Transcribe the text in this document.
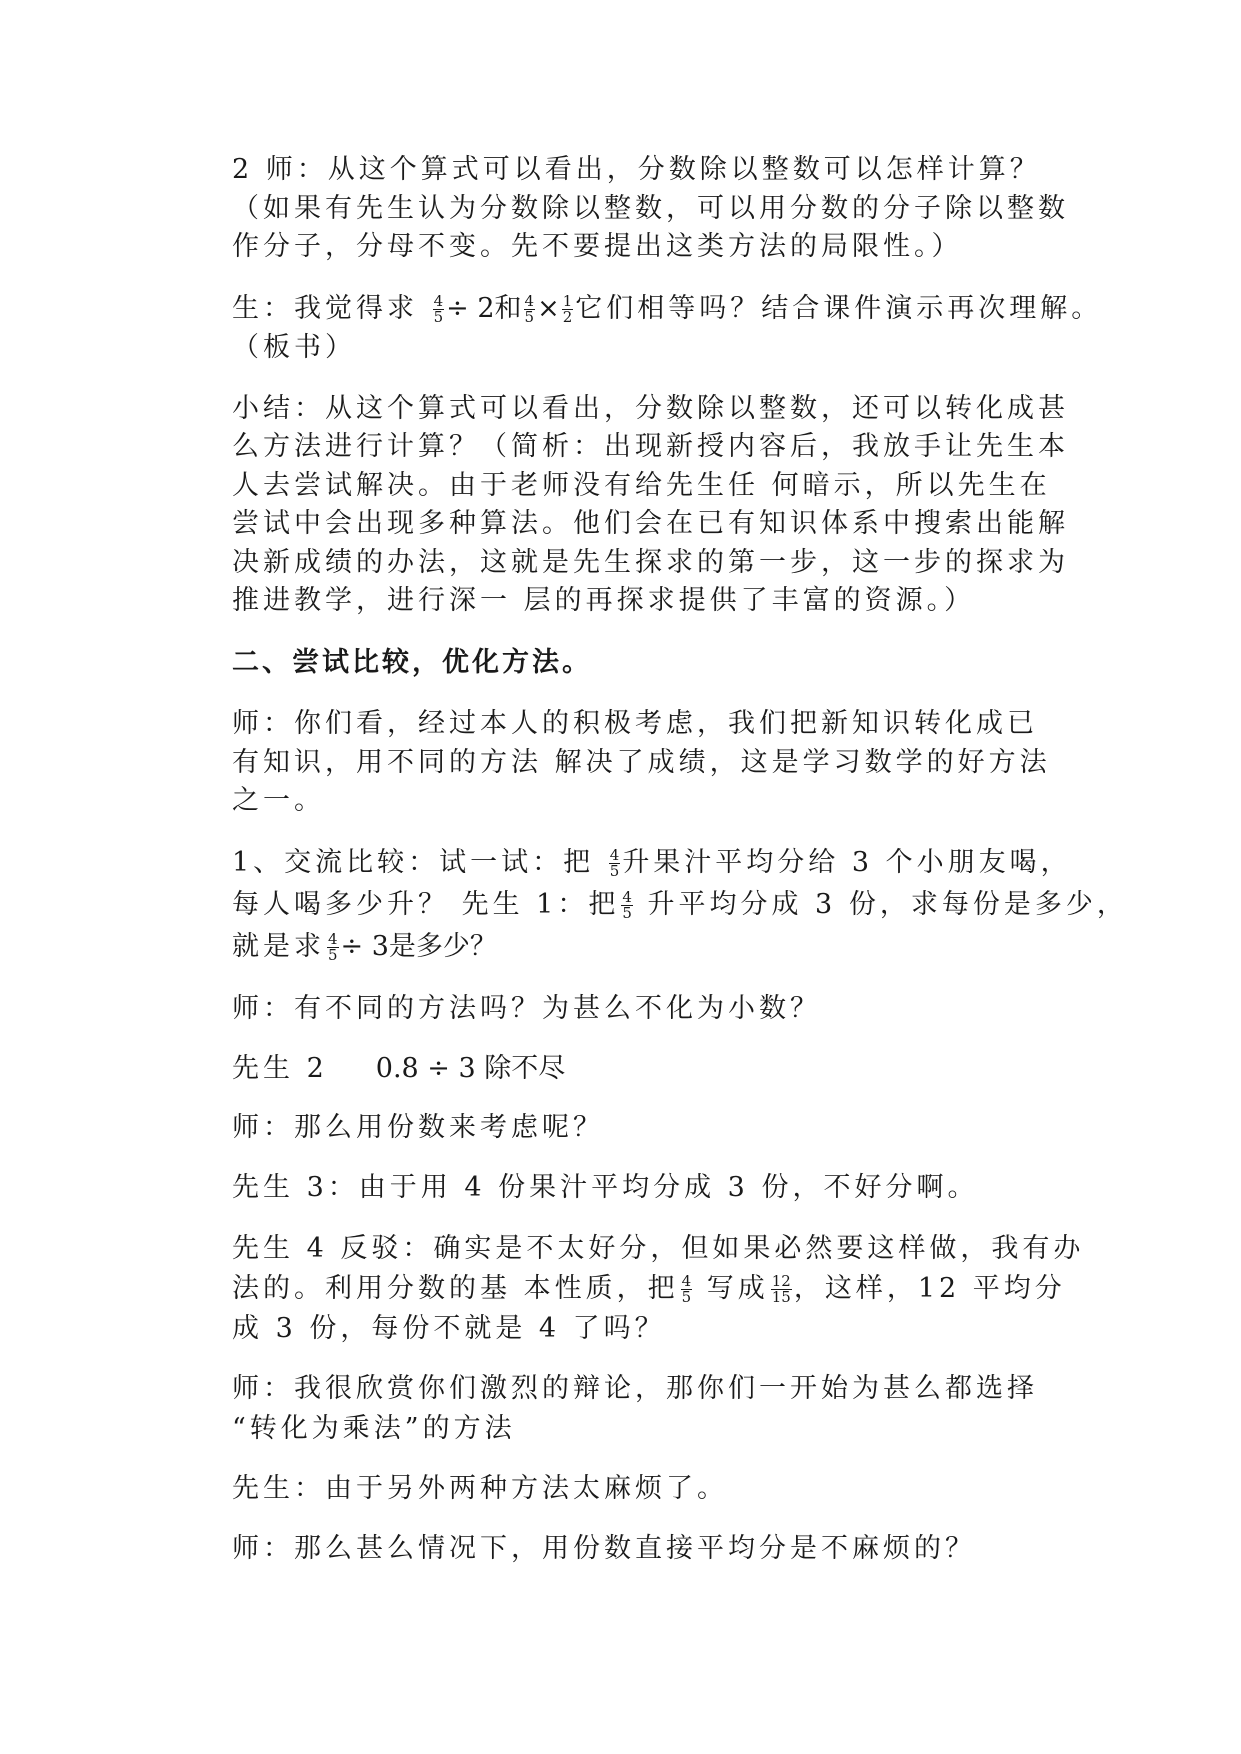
2 师：从这个算式可以看出，分数除以整数可以怎样计算？
（如果有先生认为分数除以整数，可以用分数的分子除以整数
作分子，分母不变。先不要提出这类方法的局限性。）
生：我觉得求 $\frac{4}{5} \div 2$和 $\frac{4}{5} \times \frac{1}{2}$ 它们相等吗？结合课件演示再次理解。
（板书）
小结：从这个算式可以看出，分数除以整数，还可以转化成甚
么方法进行计算？（简析：出现新授内容后，我放手让先生本
人去尝试解决。由于老师没有给先生任 何暗示，所以先生在
尝试中会出现多种算法。他们会在已有知识体系中搜索出能解
决新成绩的办法，这就是先生探求的第一步，这一步的探求为
推进教学，进行深一 层的再探求提供了丰富的资源。）
二、尝试比较，优化方法。
师：你们看，经过本人的积极考虑，我们把新知识转化成已
有知识，用不同的方法 解决了成绩，这是学习数学的好方法
之一。
1、交流比较：试一试：把 $\frac{4}{5}$ 升果汁平均分给 3 个小朋友喝，
每人喝多少升？ 先生 1：把 $\frac{4}{5}$ 升平均分成 3 份，求每份是多少，
就是求 $\frac{4}{5} \div 3$是多少？
师：有不同的方法吗？为甚么不化为小数？
先生 2 0.8 ÷ 3 除不尽
师：那么用份数来考虑呢？
先生 3：由于用 4 份果汁平均分成 3 份，不好分啊。
先生 4 反驳：确实是不太好分，但如果必然要这样做，我有办
法的。利用分数的基 本性质，把 $\frac{4}{5}$ 写成 $\frac{12}{15}$ ，这样，12 平均分
成 3 份，每份不就是 4 了吗？
师：我很欣赏你们激烈的辩论，那你们一开始为甚么都选择
“转化为乘法”的方法
先生：由于另外两种方法太麻烦了。
师：那么甚么情况下，用份数直接平均分是不麻烦的？
